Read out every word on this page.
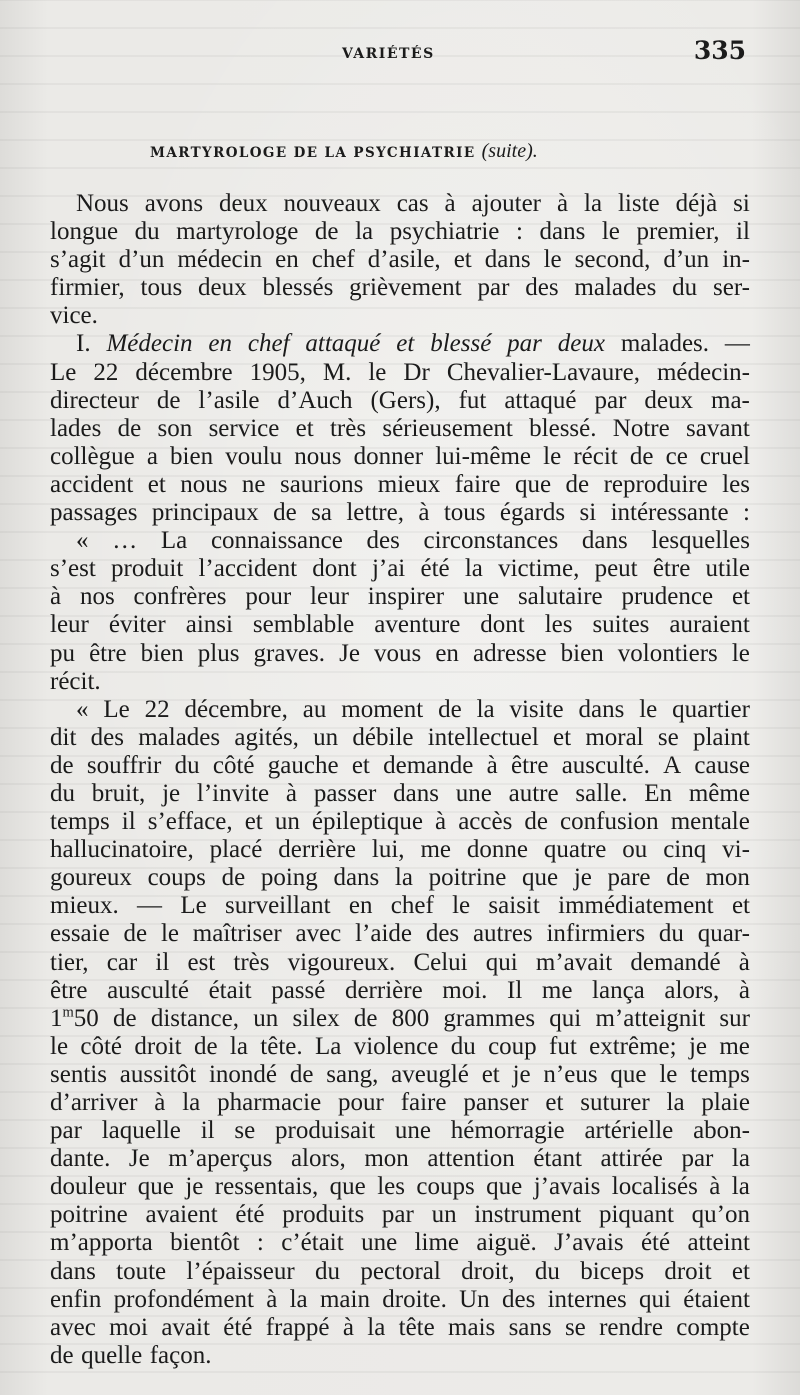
VARIÉTÉS	335
MARTYROLOGE DE LA PSYCHIATRIE (suite).
Nous avons deux nouveaux cas à ajouter à la liste déjà si
longue du martyrologe de la psychiatrie : dans le premier, il
s’agit d’un médecin en chef d’asile, et dans le second, d’un in-
firmier, tous deux blessés grièvement par des malades du ser-
vice.
I. Médecin en chef attaqué et blessé par deux malades. —
Le 22 décembre 1905, M. le Dr Chevalier-Lavaure, médecin-
directeur de l’asile d’Auch (Gers), fut attaqué par deux ma-
lades de son service et très sérieusement blessé. Notre savant
collègue a bien voulu nous donner lui-même le récit de ce cruel
accident et nous ne saurions mieux faire que de reproduire les
passages principaux de sa lettre, à tous égards si intéressante :
« … La connaissance des circonstances dans lesquelles
s’est produit l’accident dont j’ai été la victime, peut être utile
à nos confrères pour leur inspirer une salutaire prudence et
leur éviter ainsi semblable aventure dont les suites auraient
pu être bien plus graves. Je vous en adresse bien volontiers le
récit.
« Le 22 décembre, au moment de la visite dans le quartier
dit des malades agités, un débile intellectuel et moral se plaint
de souffrir du côté gauche et demande à être ausculté. A cause
du bruit, je l’invite à passer dans une autre salle. En même
temps il s’efface, et un épileptique à accès de confusion mentale
hallucinatoire, placé derrière lui, me donne quatre ou cinq vi-
goureux coups de poing dans la poitrine que je pare de mon
mieux. — Le surveillant en chef le saisit immédiatement et
essaie de le maîtriser avec l’aide des autres infirmiers du quar-
tier, car il est très vigoureux. Celui qui m’avait demandé à
être ausculté était passé derrière moi. Il me lança alors, à
1$^m$50 de distance, un silex de 800 grammes qui m’atteignit sur
le côté droit de la tête. La violence du coup fut extrême; je me
sentis aussitôt inondé de sang, aveuglé et je n’eus que le temps
d’arriver à la pharmacie pour faire panser et suturer la plaie
par laquelle il se produisait une hémorragie artérielle abon-
dante. Je m’aperçus alors, mon attention étant attirée par la
douleur que je ressentais, que les coups que j’avais localisés à la
poitrine avaient été produits par un instrument piquant qu’on
m’apporta bientôt : c’était une lime aiguë. J’avais été atteint
dans toute l’épaisseur du pectoral droit, du biceps droit et
enfin profondément à la main droite. Un des internes qui étaient
avec moi avait été frappé à la tête mais sans se rendre compte
de quelle façon.
